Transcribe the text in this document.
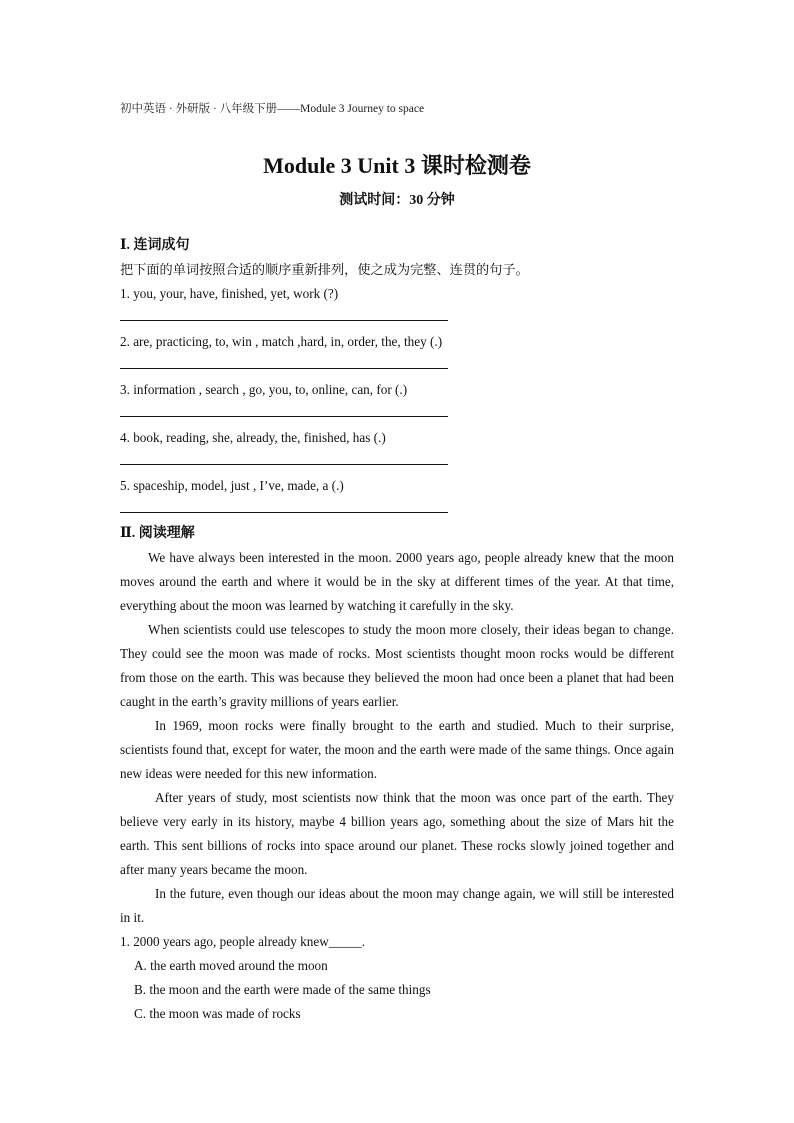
初中英语 · 外研版 · 八年级下册——Module 3 Journey to space
Module 3 Unit 3 课时检测卷
测试时间：30 分钟
Ⅰ. 连词成句
把下面的单词按照合适的顺序重新排列，使之成为完整、连贯的句子。
1. you, your, have, finished, yet, work (?)
2. are, practicing, to, win , match ,hard, in, order, the, they (.)
3. information , search , go, you, to, online, can, for (.)
4. book, reading, she, already, the, finished, has (.)
5. spaceship, model, just , I’ve, made, a (.)
Ⅱ. 阅读理解

We have always been interested in the moon. 2000 years ago, people already knew that the moon moves around the earth and where it would be in the sky at different times of the year. At that time, everything about the moon was learned by watching it carefully in the sky.

When scientists could use telescopes to study the moon more closely, their ideas began to change. They could see the moon was made of rocks. Most scientists thought moon rocks would be different from those on the earth. This was because they believed the moon had once been a planet that had been caught in the earth’s gravity millions of years earlier.

In 1969, moon rocks were finally brought to the earth and studied. Much to their surprise, scientists found that, except for water, the moon and the earth were made of the same things. Once again new ideas were needed for this new information.

After years of study, most scientists now think that the moon was once part of the earth. They believe very early in its history, maybe 4 billion years ago, something about the size of Mars hit the earth. This sent billions of rocks into space around our planet. These rocks slowly joined together and after many years became the moon.

In the future, even though our ideas about the moon may change again, we will still be interested in it.

1. 2000 years ago, people already knew_____.
A. the earth moved around the moon
B. the moon and the earth were made of the same things
C. the moon was made of rocks
